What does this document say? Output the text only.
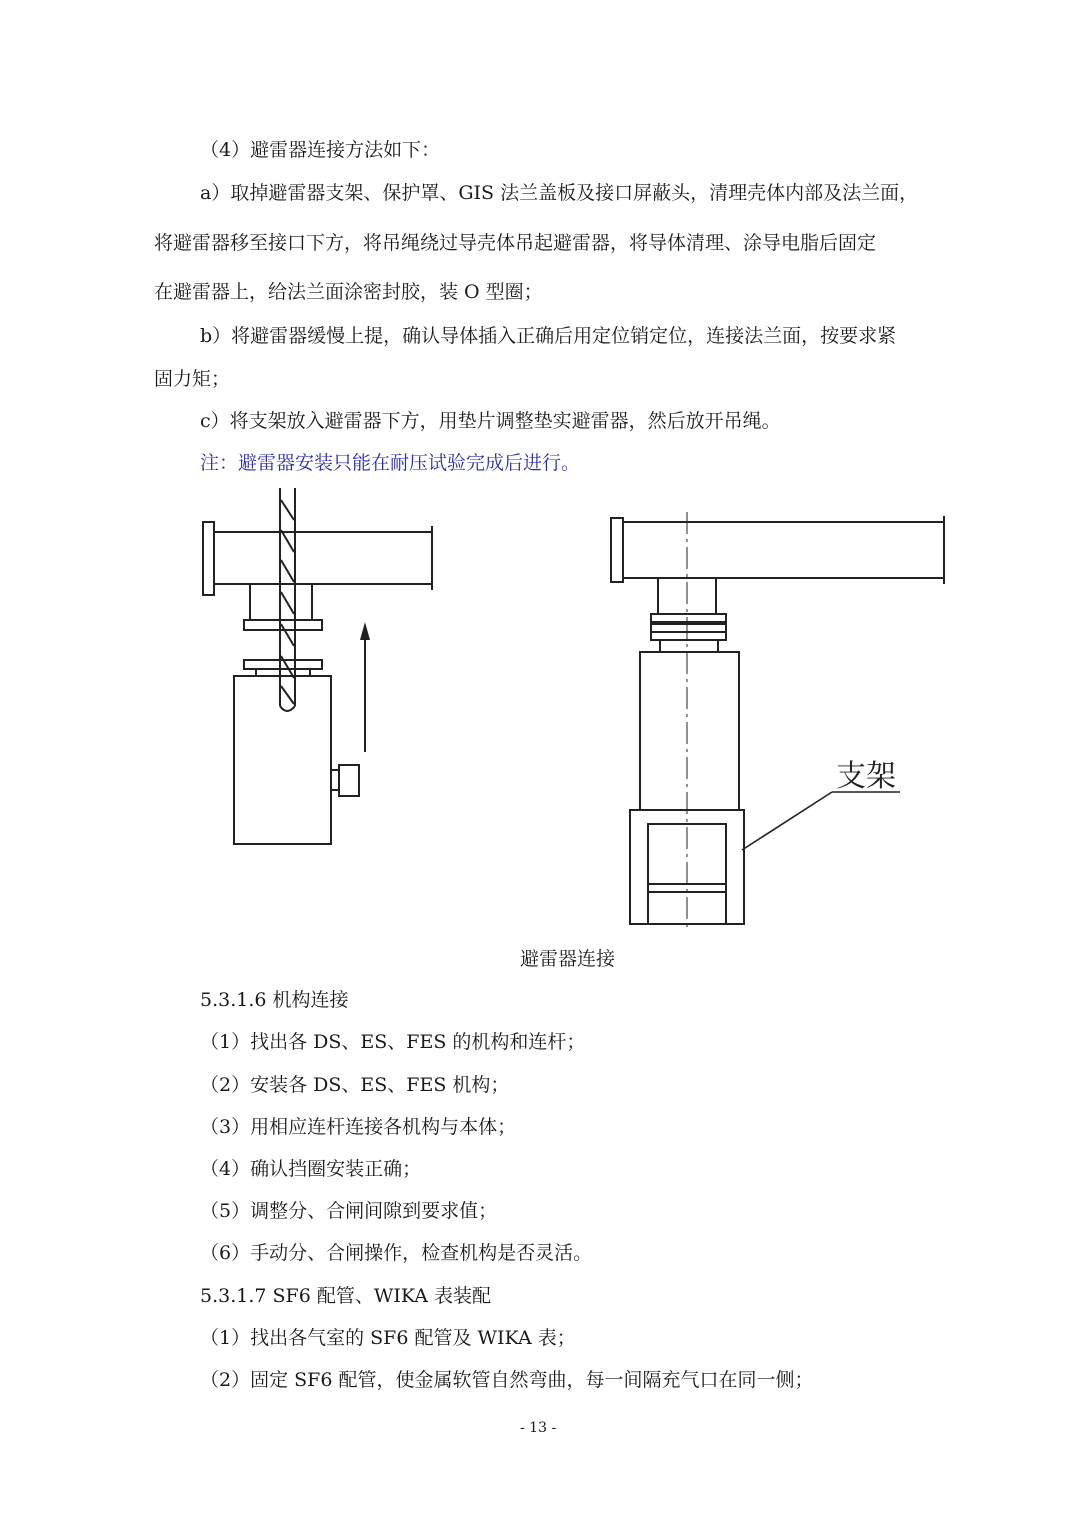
（4）避雷器连接方法如下：
a）取掉避雷器支架、保护罩、GIS 法兰盖板及接口屏蔽头，清理壳体内部及法兰面，
将避雷器移至接口下方，将吊绳绕过导壳体吊起避雷器，将导体清理、涂导电脂后固定
在避雷器上，给法兰面涂密封胶，装 O 型圈；
b）将避雷器缓慢上提，确认导体插入正确后用定位销定位，连接法兰面，按要求紧
固力矩；
c）将支架放入避雷器下方，用垫片调整垫实避雷器，然后放开吊绳。
注：避雷器安装只能在耐压试验完成后进行。
支架
避雷器连接
5.3.1.6 机构连接
（1）找出各 DS、ES、FES 的机构和连杆；
（2）安装各 DS、ES、FES 机构；
（3）用相应连杆连接各机构与本体；
（4）确认挡圈安装正确；
（5）调整分、合闸间隙到要求值；
（6）手动分、合闸操作，检查机构是否灵活。
5.3.1.7 SF6 配管、WIKA 表装配
（1）找出各气室的 SF6 配管及 WIKA 表；
（2）固定 SF6 配管，使金属软管自然弯曲，每一间隔充气口在同一侧；
- 13 -
